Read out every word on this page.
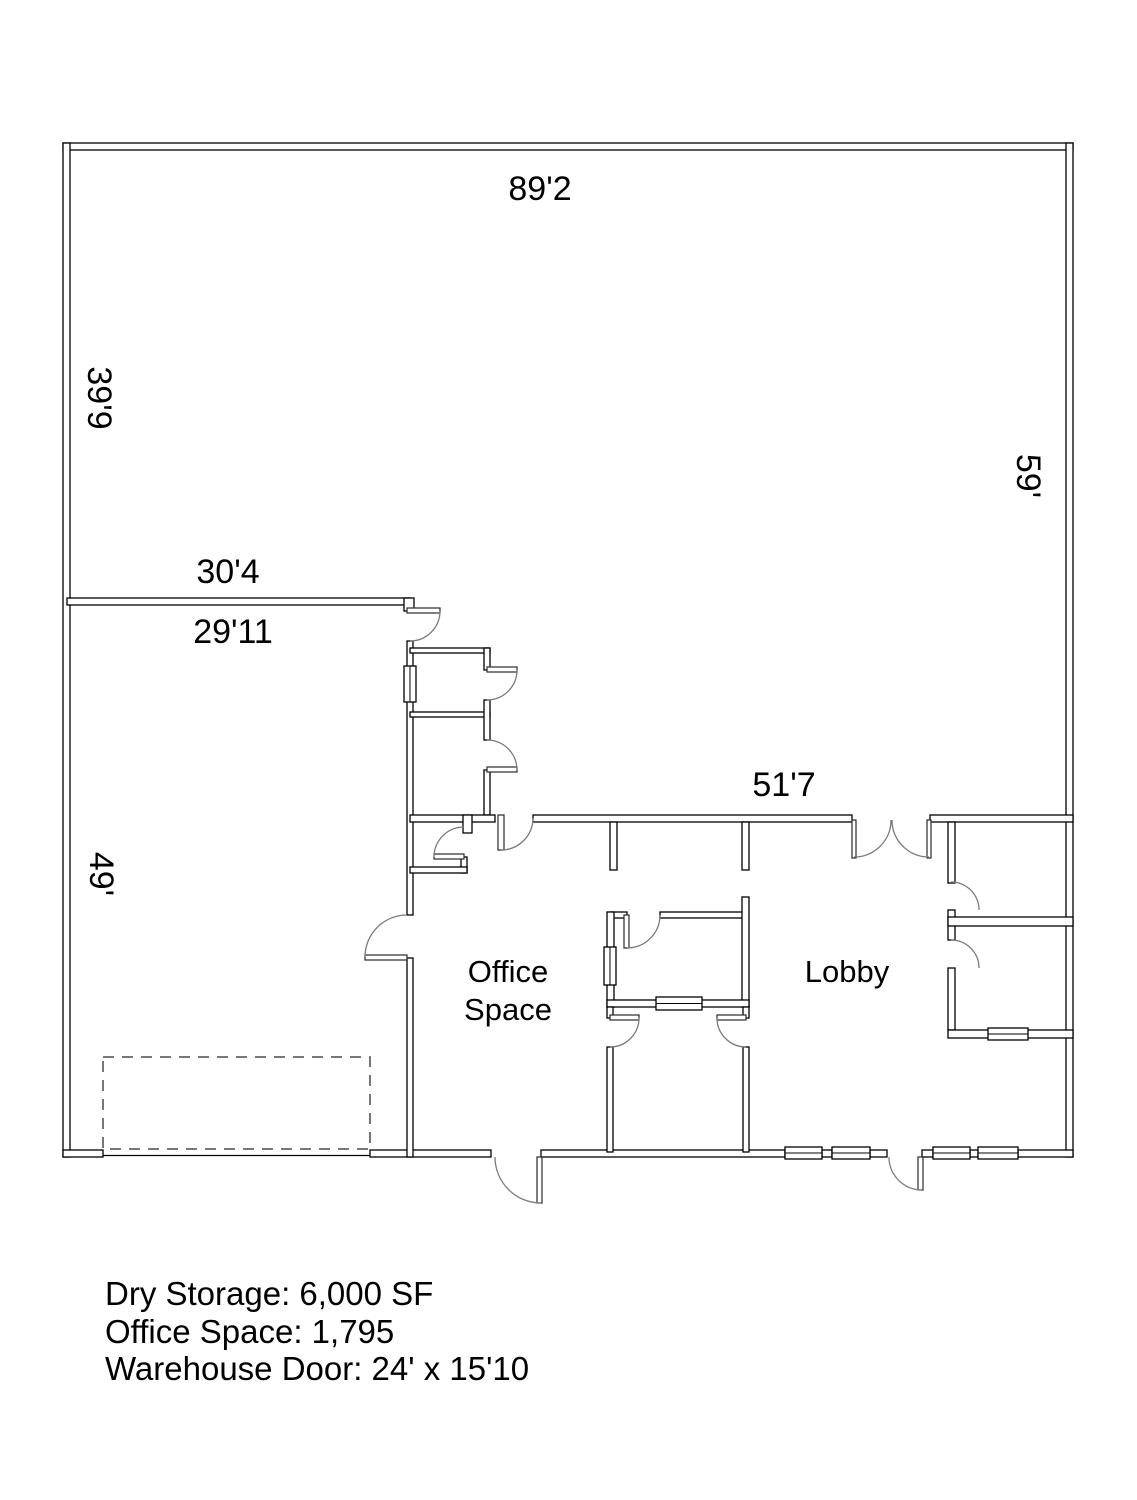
89'2
39'9
59'
30'4
29'11
51'7
49'
Office
Space
Lobby
Dry Storage: 6,000 SF
Office Space: 1,795
Warehouse Door: 24' x 15'10
